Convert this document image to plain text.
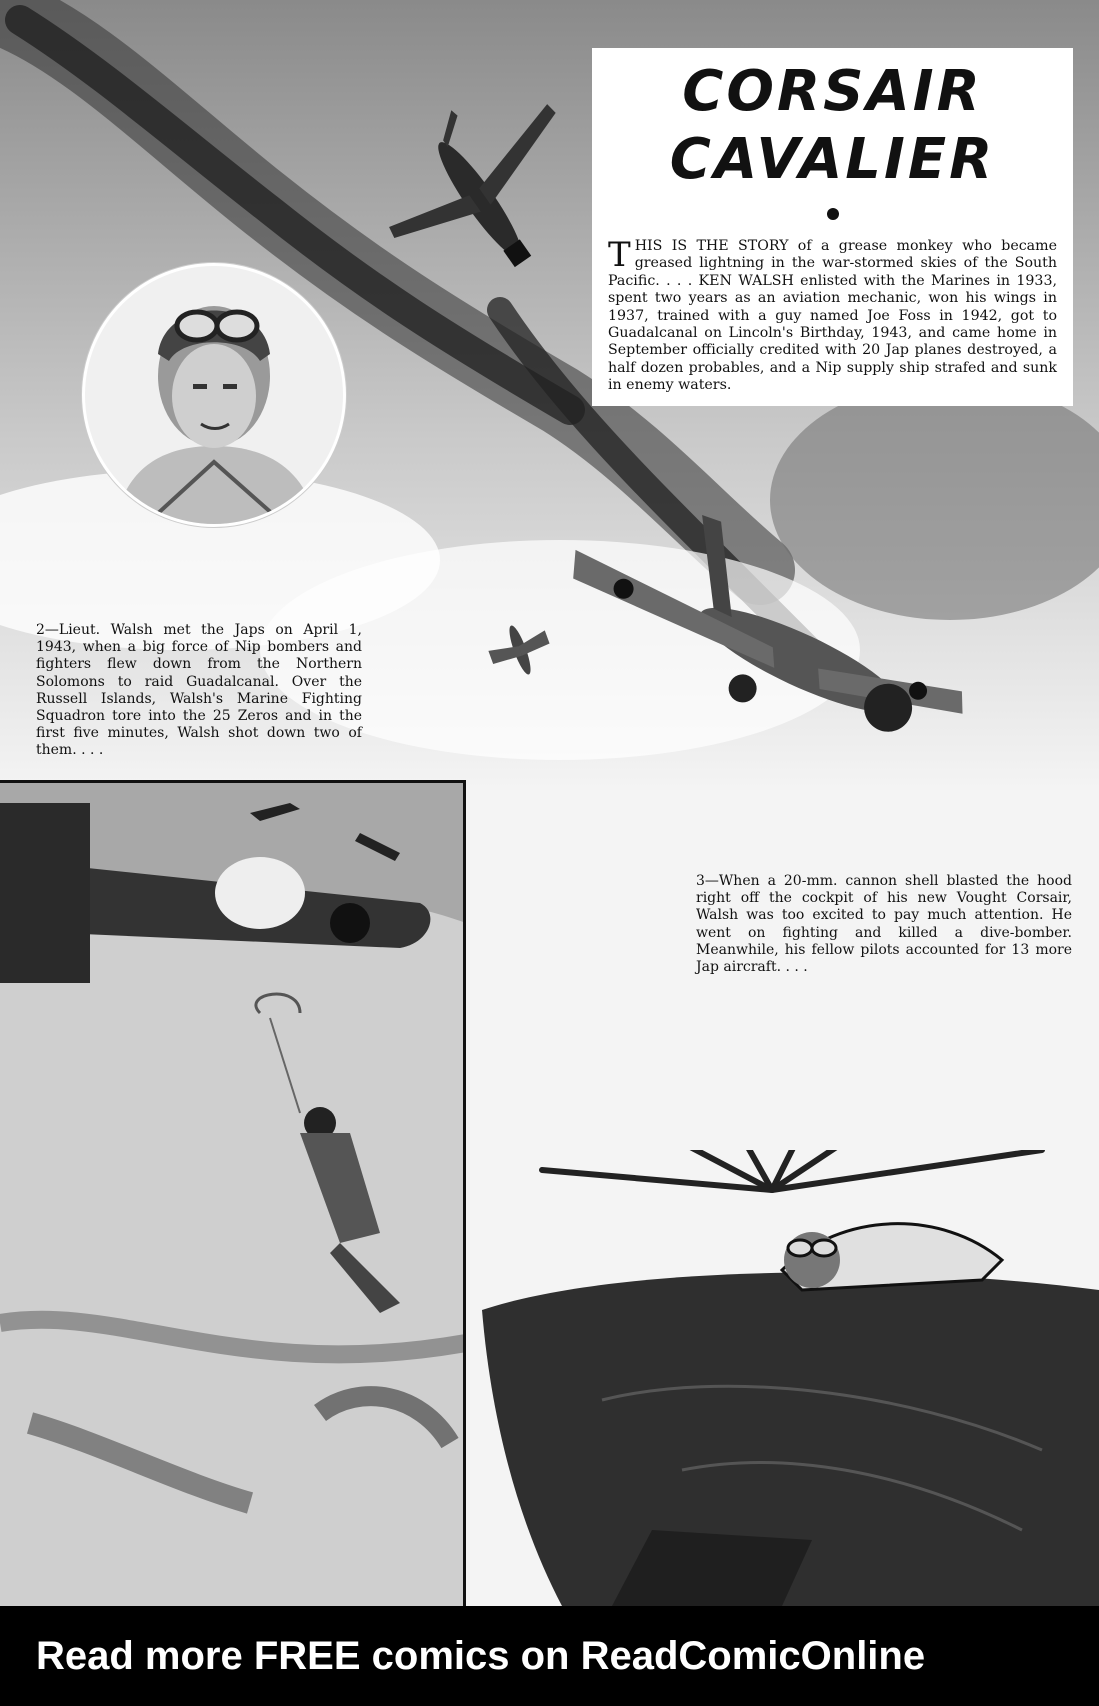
CORSAIR
CAVALIER

THIS IS THE STORY of a grease monkey who became greased lightning in the war-stormed skies of the South Pacific. . . . KEN WALSH enlisted with the Marines in 1933, spent two years as an aviation mechanic, won his wings in 1937, trained with a guy named Joe Foss in 1942, got to Guadalcanal on Lincoln's Birthday, 1943, and came home in September officially credited with 20 Jap planes destroyed, a half dozen probables, and a Nip supply ship strafed and sunk in enemy waters.

2—Lieut. Walsh met the Japs on April 1, 1943, when a big force of Nip bombers and fighters flew down from the Northern Solomons to raid Guadalcanal. Over the Russell Islands, Walsh's Marine Fighting Squadron tore into the 25 Zeros and in the first five minutes, Walsh shot down two of them. . . .

3—When a 20-mm. cannon shell blasted the hood right off the cockpit of his new Vought Corsair, Walsh was too excited to pay much attention. He went on fighting and killed a dive-bomber. Meanwhile, his fellow pilots accounted for 13 more Jap aircraft. . . .

Read more FREE comics on ReadComicOnline
